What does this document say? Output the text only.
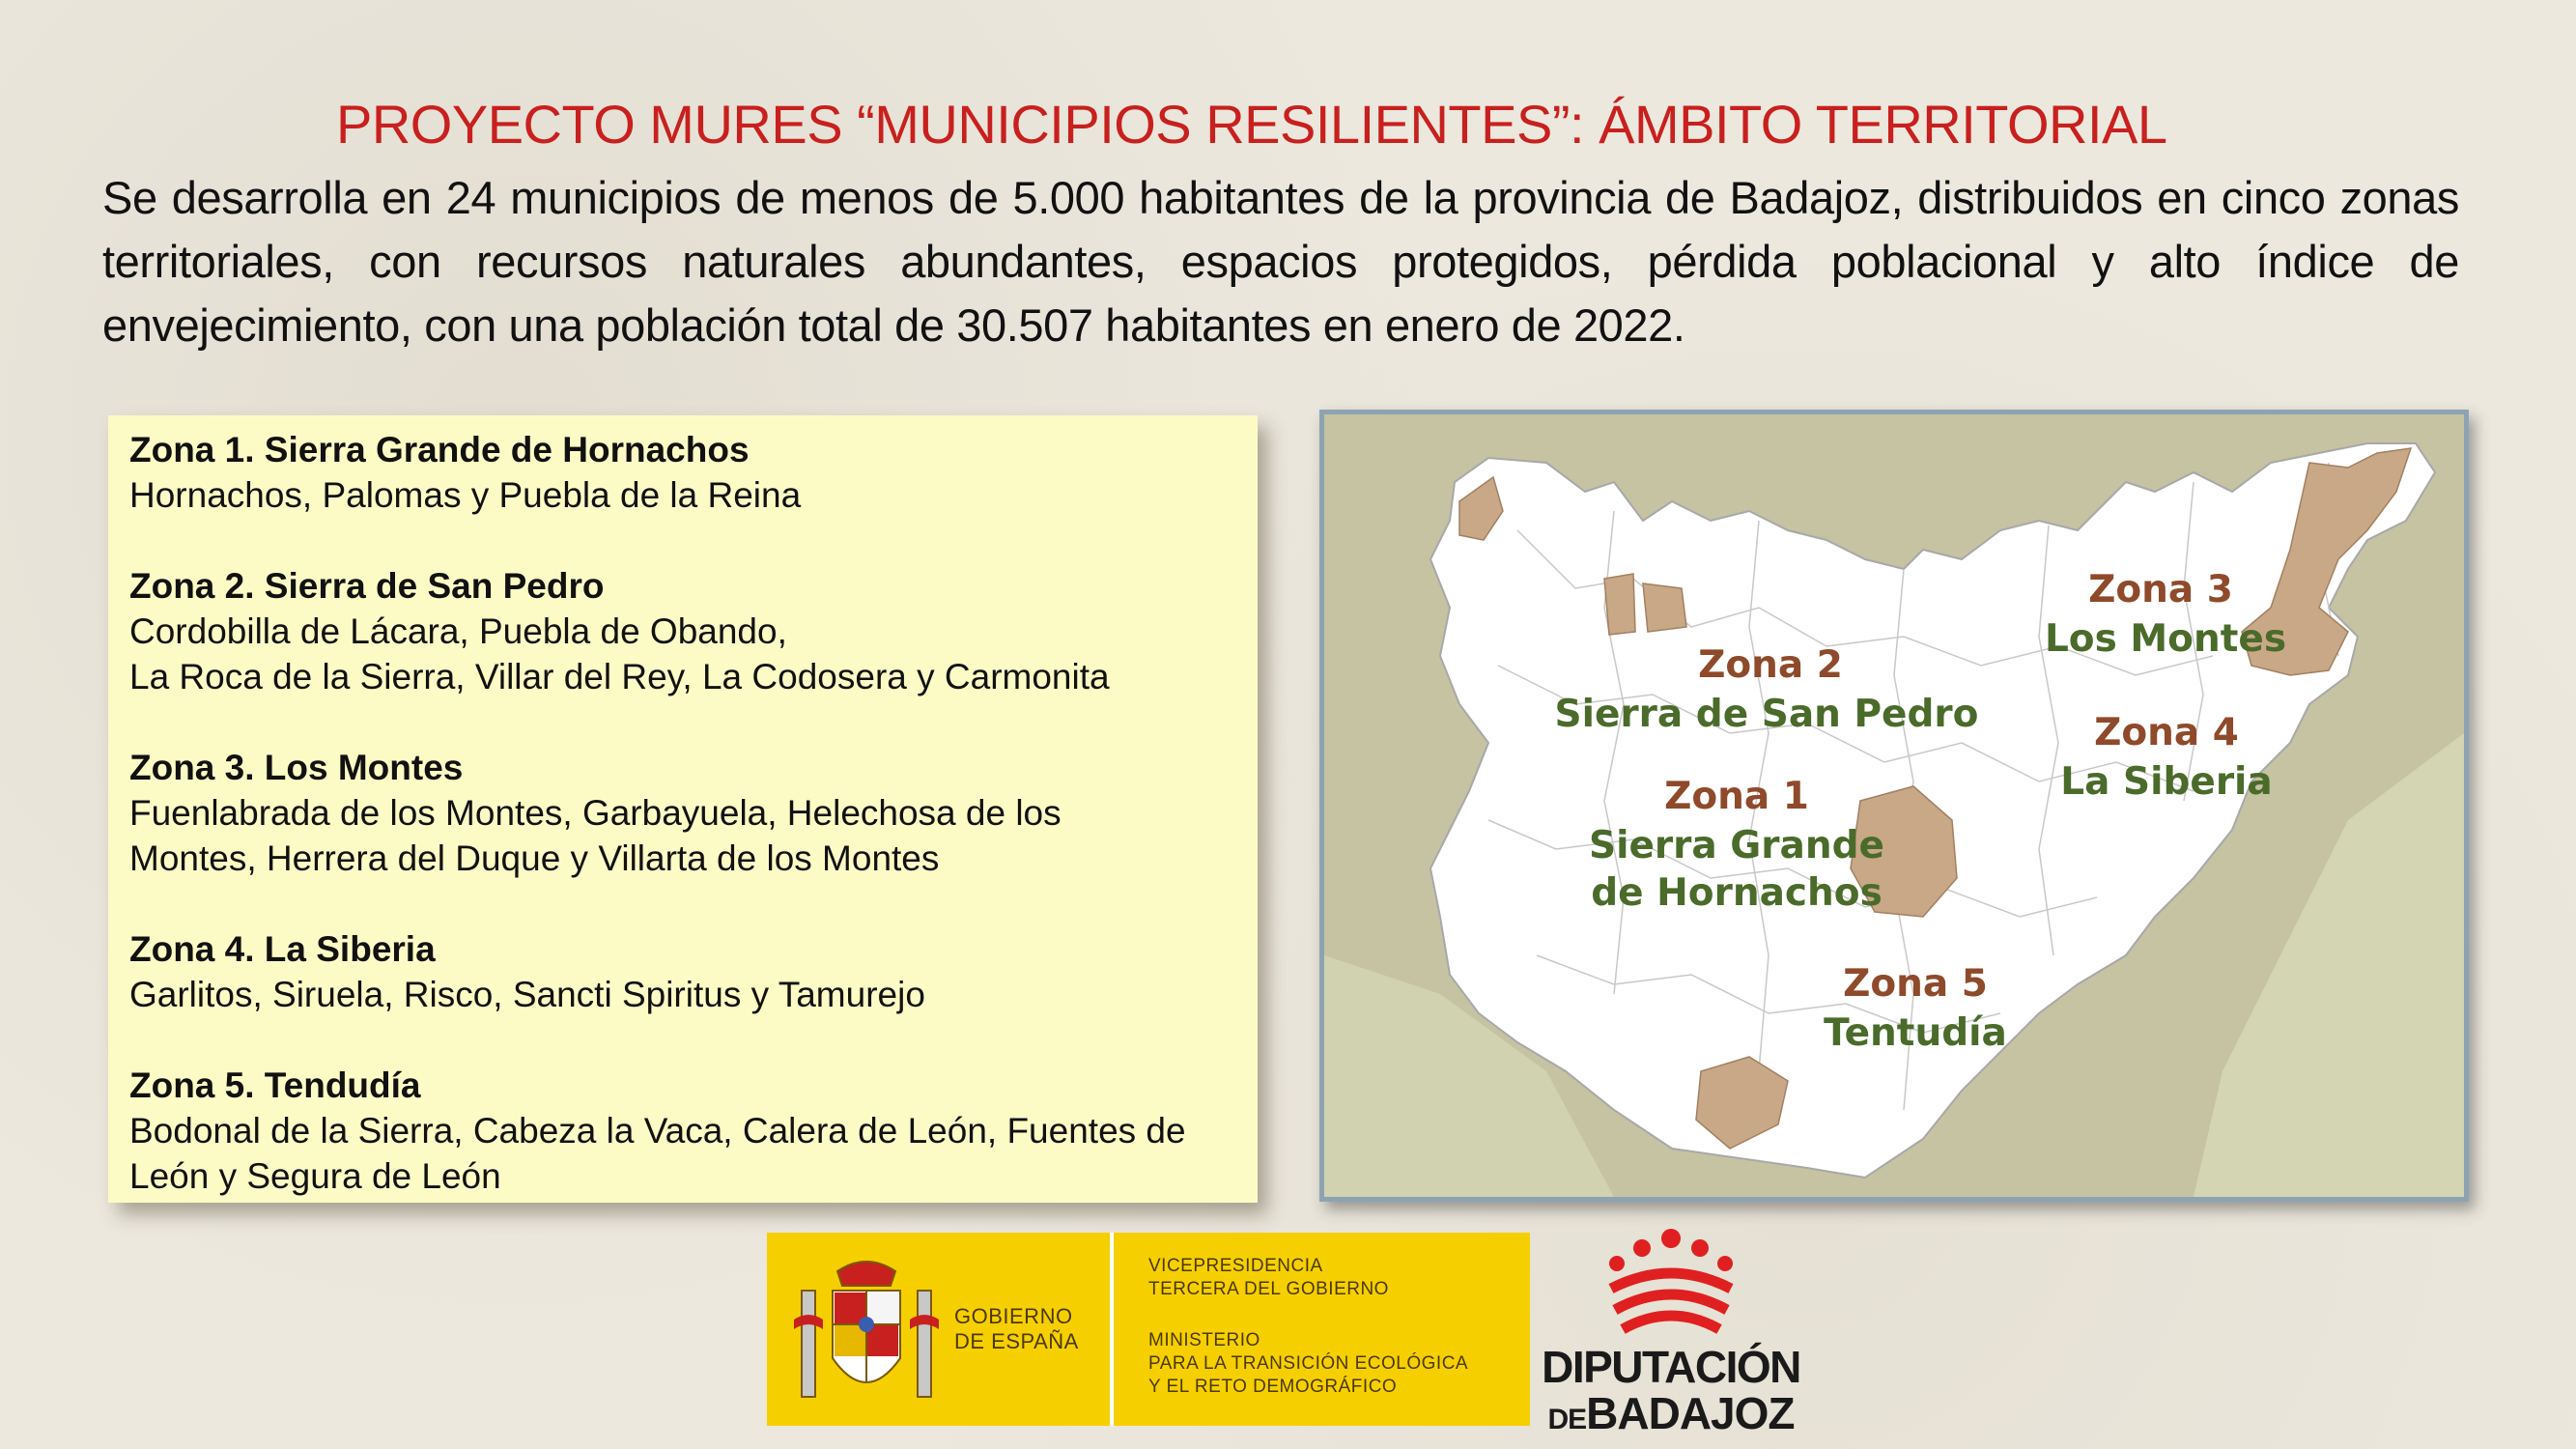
PROYECTO MURES “MUNICIPIOS RESILIENTES”: ÁMBITO TERRITORIAL

Se desarrolla en 24 municipios de menos de 5.000 habitantes de la provincia de Badajoz, distribuidos en cinco zonas territoriales, con recursos naturales abundantes, espacios protegidos, pérdida poblacional y alto índice de envejecimiento, con una población total de 30.507 habitantes en enero de 2022.

Zona 1. Sierra Grande de Hornachos

Hornachos, Palomas y Puebla de la Reina

Zona 2. Sierra de San Pedro

Cordobilla de Lácara, Puebla de Obando,
La Roca de la Sierra, Villar del Rey, La Codosera y Carmonita

Zona 3. Los Montes

Fuenlabrada de los Montes, Garbayuela, Helechosa de los
Montes, Herrera del Duque y Villarta de los Montes

Zona 4. La Siberia

Garlitos, Siruela, Risco, Sancti Spiritus y Tamurejo

Zona 5. Tendudía

Bodonal de la Sierra, Cabeza la Vaca, Calera de León, Fuentes de
León y Segura de León

Zona 2
Sierra de San Pedro
Zona 3
Los Montes
Zona 4
La Siberia
Zona 1
Sierra Grande
de Hornachos
Zona 5
Tentudía
GOBIERNO
DE ESPAÑA
VICEPRESIDENCIA
TERCERA DEL GOBIERNO
MINISTERIO
PARA LA TRANSICIÓN ECOLÓGICA
Y EL RETO DEMOGRÁFICO	DIPUTACIÓN
DEBADAJOZ
